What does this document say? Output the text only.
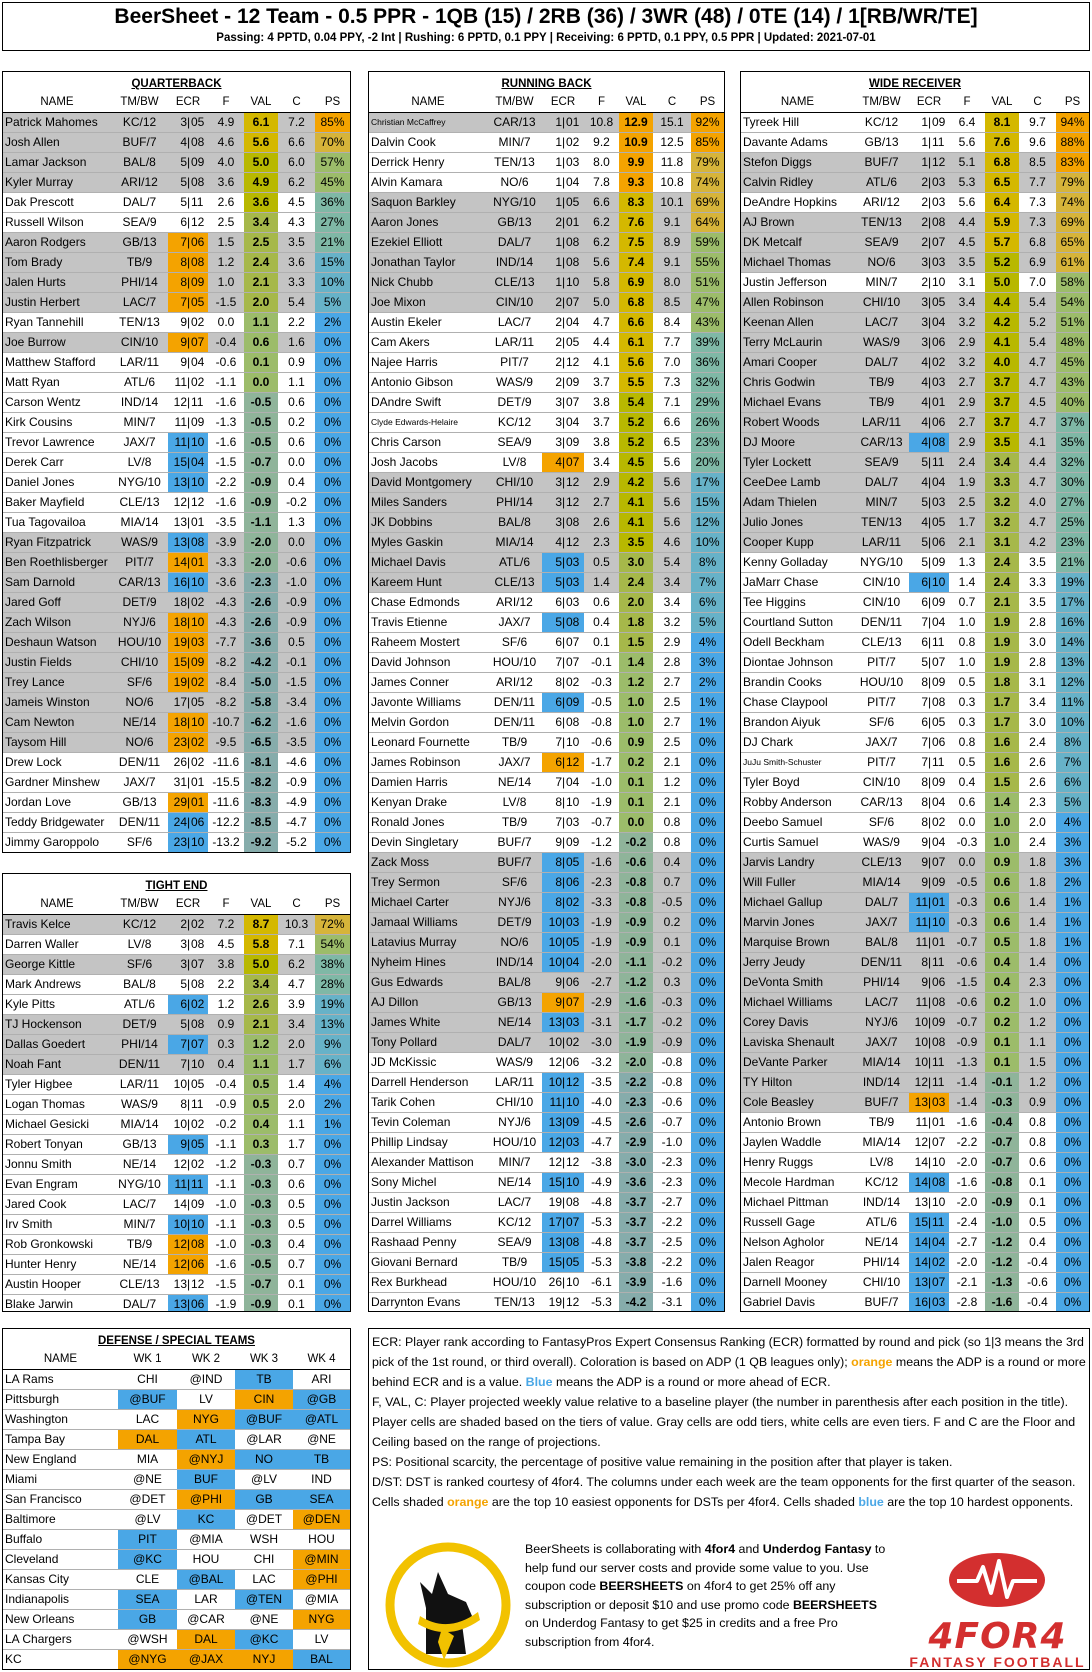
BeerSheet - 12 Team - 0.5 PPR - 1QB (15) / 2RB (36) / 3WR (48) / 0TE (14) / 1[RB/WR/TE]
Passing: 4 PPTD, 0.04 PPY, -2 Int | Rushing: 6 PPTD, 0.1 PPY | Receiving: 6 PPTD, 0.1 PPY, 0.5 PPR | Updated: 2021-07-01
QUARTERBACK
NAME	TM/BW	ECR	F	VAL	C	PS
Patrick Mahomes	KC/12	3|05	4.9	6.1	7.2	85%
Josh Allen	BUF/7	4|08	4.6	5.6	6.6	70%
Lamar Jackson	BAL/8	5|09	4.0	5.0	6.0	57%
Kyler Murray	ARI/12	5|08	3.6	4.9	6.2	45%
Dak Prescott	DAL/7	5|11	2.6	3.6	4.5	36%
Russell Wilson	SEA/9	6|12	2.5	3.4	4.3	27%
Aaron Rodgers	GB/13	7|06	1.5	2.5	3.5	21%
Tom Brady	TB/9	8|08	1.2	2.4	3.6	15%
Jalen Hurts	PHI/14	8|09	1.0	2.1	3.3	10%
Justin Herbert	LAC/7	7|05	-1.5	2.0	5.4	5%
Ryan Tannehill	TEN/13	9|02	0.0	1.1	2.2	2%
Joe Burrow	CIN/10	9|07	-0.4	0.6	1.6	0%
Matthew Stafford	LAR/11	9|04	-0.6	0.1	0.9	0%
Matt Ryan	ATL/6	11|02	-1.1	0.0	1.1	0%
Carson Wentz	IND/14	12|11	-1.6	-0.5	0.6	0%
Kirk Cousins	MIN/7	11|09	-1.3	-0.5	0.2	0%
Trevor Lawrence	JAX/7	11|10	-1.6	-0.5	0.6	0%
Derek Carr	LV/8	15|04	-1.5	-0.7	0.0	0%
Daniel Jones	NYG/10	13|10	-2.2	-0.9	0.4	0%
Baker Mayfield	CLE/13	12|12	-1.6	-0.9	-0.2	0%
Tua Tagovailoa	MIA/14	13|01	-3.5	-1.1	1.3	0%
Ryan Fitzpatrick	WAS/9	13|08	-3.9	-2.0	0.0	0%
Ben Roethlisberger	PIT/7	14|01	-3.3	-2.0	-0.6	0%
Sam Darnold	CAR/13	16|10	-3.6	-2.3	-1.0	0%
Jared Goff	DET/9	18|02	-4.3	-2.6	-0.9	0%
Zach Wilson	NYJ/6	18|10	-4.3	-2.6	-0.9	0%
Deshaun Watson	HOU/10	19|03	-7.7	-3.6	0.5	0%
Justin Fields	CHI/10	15|09	-8.2	-4.2	-0.1	0%
Trey Lance	SF/6	19|02	-8.4	-5.0	-1.5	0%
Jameis Winston	NO/6	17|05	-8.2	-5.8	-3.4	0%
Cam Newton	NE/14	18|10	-10.7	-6.2	-1.6	0%
Taysom Hill	NO/6	23|02	-9.5	-6.5	-3.5	0%
Drew Lock	DEN/11	26|02	-11.6	-8.1	-4.6	0%
Gardner Minshew	JAX/7	31|01	-15.5	-8.2	-0.9	0%
Jordan Love	GB/13	29|01	-11.6	-8.3	-4.9	0%
Teddy Bridgewater	DEN/11	24|06	-12.2	-8.5	-4.7	0%
Jimmy Garoppolo	SF/6	23|10	-13.2	-9.2	-5.2	0%
TIGHT END
NAME	TM/BW	ECR	F	VAL	C	PS
Travis Kelce	KC/12	2|02	7.2	8.7	10.3	72%
Darren Waller	LV/8	3|08	4.5	5.8	7.1	54%
George Kittle	SF/6	3|07	3.8	5.0	6.2	38%
Mark Andrews	BAL/8	5|08	2.2	3.4	4.7	28%
Kyle Pitts	ATL/6	6|02	1.2	2.6	3.9	19%
TJ Hockenson	DET/9	5|08	0.9	2.1	3.4	13%
Dallas Goedert	PHI/14	7|07	0.3	1.2	2.0	9%
Noah Fant	DEN/11	7|10	0.4	1.1	1.7	6%
Tyler Higbee	LAR/11	10|05	-0.4	0.5	1.4	4%
Logan Thomas	WAS/9	8|11	-0.9	0.5	2.0	2%
Michael Gesicki	MIA/14	10|02	-0.2	0.4	1.1	1%
Robert Tonyan	GB/13	9|05	-1.1	0.3	1.7	0%
Jonnu Smith	NE/14	12|02	-1.2	-0.3	0.7	0%
Evan Engram	NYG/10	11|11	-1.1	-0.3	0.6	0%
Jared Cook	LAC/7	14|09	-1.0	-0.3	0.5	0%
Irv Smith	MIN/7	10|10	-1.1	-0.3	0.5	0%
Rob Gronkowski	TB/9	12|08	-1.0	-0.3	0.4	0%
Hunter Henry	NE/14	12|06	-1.6	-0.5	0.7	0%
Austin Hooper	CLE/13	13|12	-1.5	-0.7	0.1	0%
Blake Jarwin	DAL/7	13|06	-1.9	-0.9	0.1	0%
RUNNING BACK
NAME	TM/BW	ECR	F	VAL	C	PS
Christian McCaffrey	CAR/13	1|01	10.8	12.9	15.1	92%
Dalvin Cook	MIN/7	1|02	9.2	10.9	12.5	85%
Derrick Henry	TEN/13	1|03	8.0	9.9	11.8	79%
Alvin Kamara	NO/6	1|04	7.8	9.3	10.8	74%
Saquon Barkley	NYG/10	1|05	6.6	8.3	10.1	69%
Aaron Jones	GB/13	2|01	6.2	7.6	9.1	64%
Ezekiel Elliott	DAL/7	1|08	6.2	7.5	8.9	59%
Jonathan Taylor	IND/14	1|08	5.6	7.4	9.1	55%
Nick Chubb	CLE/13	1|10	5.8	6.9	8.0	51%
Joe Mixon	CIN/10	2|07	5.0	6.8	8.5	47%
Austin Ekeler	LAC/7	2|04	4.7	6.6	8.4	43%
Cam Akers	LAR/11	2|05	4.4	6.1	7.7	39%
Najee Harris	PIT/7	2|12	4.1	5.6	7.0	36%
Antonio Gibson	WAS/9	2|09	3.7	5.5	7.3	32%
DAndre Swift	DET/9	3|07	3.8	5.4	7.1	29%
Clyde Edwards-Helaire	KC/12	3|04	3.7	5.2	6.6	26%
Chris Carson	SEA/9	3|09	3.8	5.2	6.5	23%
Josh Jacobs	LV/8	4|07	3.4	4.5	5.6	20%
David Montgomery	CHI/10	3|12	2.9	4.2	5.6	17%
Miles Sanders	PHI/14	3|12	2.7	4.1	5.6	15%
JK Dobbins	BAL/8	3|08	2.6	4.1	5.6	12%
Myles Gaskin	MIA/14	4|12	2.3	3.5	4.6	10%
Michael Davis	ATL/6	5|03	0.5	3.0	5.4	8%
Kareem Hunt	CLE/13	5|03	1.4	2.4	3.4	7%
Chase Edmonds	ARI/12	6|03	0.6	2.0	3.4	6%
Travis Etienne	JAX/7	5|08	0.4	1.8	3.2	5%
Raheem Mostert	SF/6	6|07	0.1	1.5	2.9	4%
David Johnson	HOU/10	7|07	-0.1	1.4	2.8	3%
James Conner	ARI/12	8|02	-0.3	1.2	2.7	2%
Javonte Williams	DEN/11	6|09	-0.5	1.0	2.5	1%
Melvin Gordon	DEN/11	6|08	-0.8	1.0	2.7	1%
Leonard Fournette	TB/9	7|10	-0.6	0.9	2.5	0%
James Robinson	JAX/7	6|12	-1.7	0.2	2.1	0%
Damien Harris	NE/14	7|04	-1.0	0.1	1.2	0%
Kenyan Drake	LV/8	8|10	-1.9	0.1	2.1	0%
Ronald Jones	TB/9	7|03	-0.7	0.0	0.8	0%
Devin Singletary	BUF/7	9|09	-1.2	-0.2	0.8	0%
Zack Moss	BUF/7	8|05	-1.6	-0.6	0.4	0%
Trey Sermon	SF/6	8|06	-2.3	-0.8	0.7	0%
Michael Carter	NYJ/6	8|02	-3.3	-0.8	-0.5	0%
Jamaal Williams	DET/9	10|03	-1.9	-0.9	0.2	0%
Latavius Murray	NO/6	10|05	-1.9	-0.9	0.1	0%
Nyheim Hines	IND/14	10|04	-2.0	-1.1	-0.2	0%
Gus Edwards	BAL/8	9|06	-2.7	-1.2	0.3	0%
AJ Dillon	GB/13	9|07	-2.9	-1.6	-0.3	0%
James White	NE/14	13|03	-3.1	-1.7	-0.2	0%
Tony Pollard	DAL/7	10|02	-3.0	-1.9	-0.9	0%
JD McKissic	WAS/9	12|06	-3.2	-2.0	-0.8	0%
Darrell Henderson	LAR/11	10|12	-3.5	-2.2	-0.8	0%
Tarik Cohen	CHI/10	11|10	-4.0	-2.3	-0.6	0%
Tevin Coleman	NYJ/6	13|09	-4.5	-2.6	-0.7	0%
Phillip Lindsay	HOU/10	12|03	-4.7	-2.9	-1.0	0%
Alexander Mattison	MIN/7	12|12	-3.8	-3.0	-2.3	0%
Sony Michel	NE/14	15|10	-4.9	-3.6	-2.3	0%
Justin Jackson	LAC/7	19|08	-4.8	-3.7	-2.7	0%
Darrel Williams	KC/12	17|07	-5.3	-3.7	-2.2	0%
Rashaad Penny	SEA/9	13|08	-4.8	-3.7	-2.5	0%
Giovani Bernard	TB/9	15|05	-5.3	-3.8	-2.2	0%
Rex Burkhead	HOU/10	26|10	-6.1	-3.9	-1.6	0%
Darrynton Evans	TEN/13	19|12	-5.3	-4.2	-3.1	0%
WIDE RECEIVER
NAME	TM/BW	ECR	F	VAL	C	PS
Tyreek Hill	KC/12	1|09	6.4	8.1	9.7	94%
Davante Adams	GB/13	1|11	5.6	7.6	9.6	88%
Stefon Diggs	BUF/7	1|12	5.1	6.8	8.5	83%
Calvin Ridley	ATL/6	2|03	5.3	6.5	7.7	79%
DeAndre Hopkins	ARI/12	2|03	5.6	6.4	7.3	74%
AJ Brown	TEN/13	2|08	4.4	5.9	7.3	69%
DK Metcalf	SEA/9	2|07	4.5	5.7	6.8	65%
Michael Thomas	NO/6	3|03	3.5	5.2	6.9	61%
Justin Jefferson	MIN/7	2|10	3.1	5.0	7.0	58%
Allen Robinson	CHI/10	3|05	3.4	4.4	5.4	54%
Keenan Allen	LAC/7	3|04	3.2	4.2	5.2	51%
Terry McLaurin	WAS/9	3|06	2.9	4.1	5.4	48%
Amari Cooper	DAL/7	4|02	3.2	4.0	4.7	45%
Chris Godwin	TB/9	4|03	2.7	3.7	4.7	43%
Michael Evans	TB/9	4|01	2.9	3.7	4.5	40%
Robert Woods	LAR/11	4|06	2.7	3.7	4.7	37%
DJ Moore	CAR/13	4|08	2.9	3.5	4.1	35%
Tyler Lockett	SEA/9	5|11	2.4	3.4	4.4	32%
CeeDee Lamb	DAL/7	4|04	1.9	3.3	4.7	30%
Adam Thielen	MIN/7	5|03	2.5	3.2	4.0	27%
Julio Jones	TEN/13	4|05	1.7	3.2	4.7	25%
Cooper Kupp	LAR/11	5|06	2.1	3.1	4.2	23%
Kenny Golladay	NYG/10	5|09	1.3	2.4	3.5	21%
JaMarr Chase	CIN/10	6|10	1.4	2.4	3.3	19%
Tee Higgins	CIN/10	6|09	0.7	2.1	3.5	17%
Courtland Sutton	DEN/11	7|04	1.0	1.9	2.8	16%
Odell Beckham	CLE/13	6|11	0.8	1.9	3.0	14%
Diontae Johnson	PIT/7	5|07	1.0	1.9	2.8	13%
Brandin Cooks	HOU/10	8|09	0.5	1.8	3.1	12%
Chase Claypool	PIT/7	7|08	0.3	1.7	3.4	11%
Brandon Aiyuk	SF/6	6|05	0.3	1.7	3.0	10%
DJ Chark	JAX/7	7|06	0.8	1.6	2.4	8%
JuJu Smith-Schuster	PIT/7	7|11	0.5	1.6	2.6	7%
Tyler Boyd	CIN/10	8|09	0.4	1.5	2.6	6%
Robby Anderson	CAR/13	8|04	0.6	1.4	2.3	5%
Deebo Samuel	SF/6	8|02	0.0	1.0	2.0	4%
Curtis Samuel	WAS/9	9|04	-0.3	1.0	2.4	3%
Jarvis Landry	CLE/13	9|07	0.0	0.9	1.8	3%
Will Fuller	MIA/14	9|09	-0.5	0.6	1.8	2%
Michael Gallup	DAL/7	11|01	-0.3	0.6	1.4	1%
Marvin Jones	JAX/7	11|10	-0.3	0.6	1.4	1%
Marquise Brown	BAL/8	11|01	-0.7	0.5	1.8	1%
Jerry Jeudy	DEN/11	8|11	-0.6	0.4	1.4	0%
DeVonta Smith	PHI/14	9|06	-1.5	0.4	2.3	0%
Michael Williams	LAC/7	11|08	-0.6	0.2	1.0	0%
Corey Davis	NYJ/6	10|09	-0.7	0.2	1.2	0%
Laviska Shenault	JAX/7	10|08	-0.9	0.1	1.1	0%
DeVante Parker	MIA/14	10|11	-1.3	0.1	1.5	0%
TY Hilton	IND/14	12|11	-1.4	-0.1	1.2	0%
Cole Beasley	BUF/7	13|03	-1.4	-0.3	0.9	0%
Antonio Brown	TB/9	11|01	-1.6	-0.4	0.8	0%
Jaylen Waddle	MIA/14	12|07	-2.2	-0.7	0.8	0%
Henry Ruggs	LV/8	14|10	-2.0	-0.7	0.6	0%
Mecole Hardman	KC/12	14|08	-1.6	-0.8	0.1	0%
Michael Pittman	IND/14	13|10	-2.0	-0.9	0.1	0%
Russell Gage	ATL/6	15|11	-2.4	-1.0	0.5	0%
Nelson Agholor	NE/14	14|04	-2.7	-1.2	0.4	0%
Jalen Reagor	PHI/14	14|02	-2.0	-1.2	-0.4	0%
Darnell Mooney	CHI/10	13|07	-2.1	-1.3	-0.6	0%
Gabriel Davis	BUF/7	16|03	-2.8	-1.6	-0.4	0%
DEFENSE / SPECIAL TEAMS
NAME	WK 1	WK 2	WK 3	WK 4
LA Rams	CHI	@IND	TB	ARI
Pittsburgh	@BUF	LV	CIN	@GB
Washington	LAC	NYG	@BUF	@ATL
Tampa Bay	DAL	ATL	@LAR	@NE
New England	MIA	@NYJ	NO	TB
Miami	@NE	BUF	@LV	IND
San Francisco	@DET	@PHI	GB	SEA
Baltimore	@LV	KC	@DET	@DEN
Buffalo	PIT	@MIA	WSH	HOU
Cleveland	@KC	HOU	CHI	@MIN
Kansas City	CLE	@BAL	LAC	@PHI
Indianapolis	SEA	LAR	@TEN	@MIA
New Orleans	GB	@CAR	@NE	NYG
LA Chargers	@WSH	DAL	@KC	LV
KC	@NYG	@JAX	NYJ	BAL

ECR: Player rank according to FantasyPros Expert Consensus Ranking (ECR) formatted by round and pick (so 1|3 means the 3rd pick of the 1st round, or third overall). Coloration is based on ADP (1 QB leagues only); orange means the ADP is a round or more behind ECR and is a value. Blue means the ADP is a round or more ahead of ECR.

F, VAL, C: Player projected weekly value relative to a baseline player (the number in parenthesis after each position in the title). Player cells are shaded based on the tiers of value. Gray cells are odd tiers, white cells are even tiers. F and C are the Floor and Ceiling based on the range of projections.

PS: Positional scarcity, the percentage of positive value remaining in the position after that player is taken.

D/ST: DST is ranked courtesy of 4for4. The columns under each week are the team opponents for the first quarter of the season. Cells shaded orange are the top 10 easiest opponents for DSTs per 4for4. Cells shaded blue are the top 10 hardest opponents.

BeerSheets is collaborating with 4for4 and Underdog Fantasy to help fund our server costs and provide some value to you. Use coupon code BEERSHEETS on 4for4 to get 25% off any subscription or deposit $10 and use promo code BEERSHEETS on Underdog Fantasy to get $25 in credits and a free Pro subscription from 4for4.	4FOR4
FANTASY FOOTBALL
